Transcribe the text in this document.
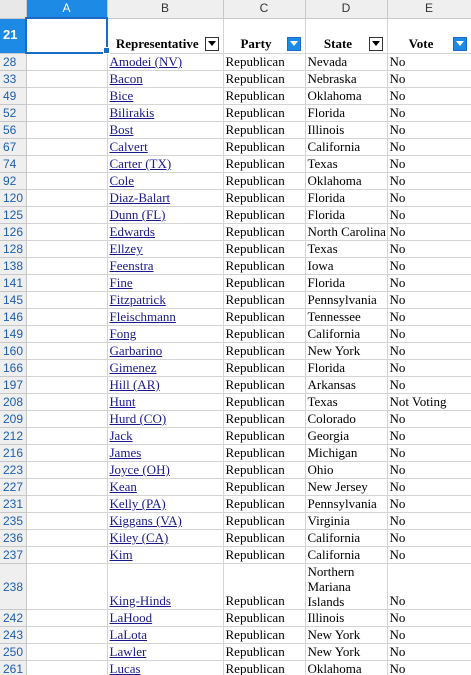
	A	B	C	D	E
21		Representative	Party	State	Vote

28		Amodei (NV)	Republican	Nevada	No
33		Bacon	Republican	Nebraska	No
49		Bice	Republican	Oklahoma	No
52		Bilirakis	Republican	Florida	No
56		Bost	Republican	Illinois	No
67		Calvert	Republican	California	No
74		Carter (TX)	Republican	Texas	No
92		Cole	Republican	Oklahoma	No
120		Diaz-Balart	Republican	Florida	No
125		Dunn (FL)	Republican	Florida	No
126		Edwards	Republican	North Carolina	No
128		Ellzey	Republican	Texas	No
138		Feenstra	Republican	Iowa	No
141		Fine	Republican	Florida	No
145		Fitzpatrick	Republican	Pennsylvania	No
146		Fleischmann	Republican	Tennessee	No
149		Fong	Republican	California	No
160		Garbarino	Republican	New York	No
166		Gimenez	Republican	Florida	No
197		Hill (AR)	Republican	Arkansas	No
208		Hunt	Republican	Texas	Not Voting
209		Hurd (CO)	Republican	Colorado	No
212		Jack	Republican	Georgia	No
216		James	Republican	Michigan	No
223		Joyce (OH)	Republican	Ohio	No
227		Kean	Republican	New Jersey	No
231		Kelly (PA)	Republican	Pennsylvania	No
235		Kiggans (VA)	Republican	Virginia	No
236		Kiley (CA)	Republican	California	No
237		Kim	Republican	California	No
238		King-Hinds	Republican	Northern Mariana Islands	No
242		LaHood	Republican	Illinois	No
243		LaLota	Republican	New York	No
250		Lawler	Republican	New York	No
261		Lucas	Republican	Oklahoma	No
